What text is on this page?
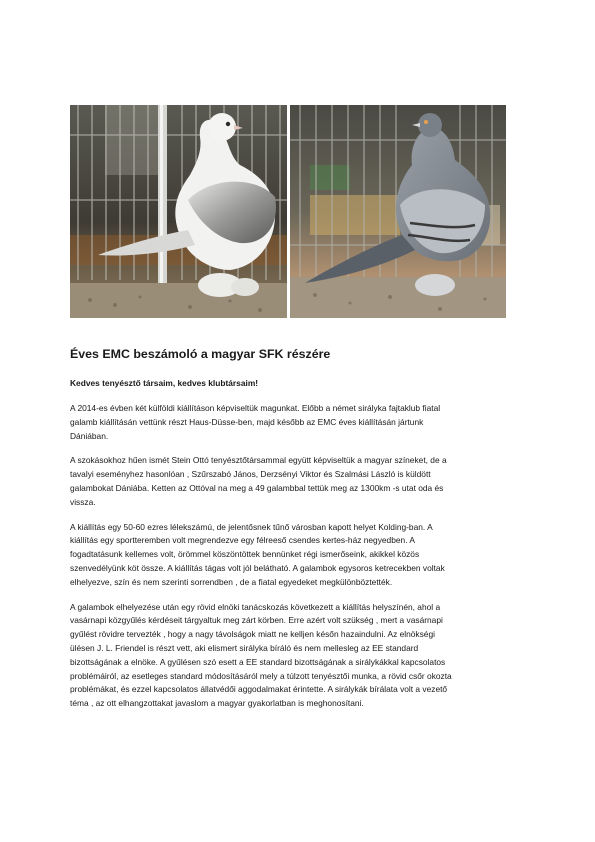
Éves EMC beszámoló a magyar SFK részére
Kedves tenyésztő társaim, kedves klubtársaim!

A 2014-es évben két külföldi kiállításon képviseltük magunkat. Előbb a német sirályka fajtaklub fiatal

galamb kiállításán vettünk részt Haus-Düsse-ben, majd később az EMC éves kiállításán jártunk

Dániában.

A szokásokhoz hűen ismét Stein Ottó tenyésztőtársammal együtt képviseltük a magyar színeket, de a

tavalyi eseményhez hasonlóan , Szűrszabó János, Derzsényi Viktor és Szalmási László is küldött

galambokat Dániába. Ketten az Ottóval na meg a 49 galambbal tettük meg az 1300km -s utat oda és

vissza.

A kiállítás egy 50-60 ezres lélekszámú, de jelentősnek tűnő városban kapott helyet Kolding-ban. A

kiállítás egy sportteremben volt megrendezve egy félreeső csendes kertes-ház negyedben. A

fogadtatásunk kellemes volt, örömmel köszöntöttek bennünket régi ismerőseink, akikkel közös

szenvedélyünk köt össze. A kiállítás tágas volt jól belátható. A galambok egysoros ketrecekben voltak

elhelyezve, szín és nem szerinti sorrendben , de a fiatal egyedeket megkülönböztették.

A galambok elhelyezése után egy rövid elnöki tanácskozás következett a kiállítás helyszínén, ahol a

vasárnapi közgyűlés kérdéseit tárgyaltuk meg zárt körben. Erre azért volt szükség , mert a vasárnapi

gyűlést rövidre tervezték , hogy a nagy távolságok miatt ne kelljen későn hazaindulni. Az elnökségi

ülésen J. L. Friendel is részt vett, aki elismert sirályka bíráló és nem mellesleg az EE standard

bizottságának a elnöke. A gyűlésen szó esett a EE standard bizottságának a sirálykákkal kapcsolatos

problémáiról, az esetleges standard módosításáról mely a túlzott tenyésztői munka, a rövid csőr okozta

problémákat, és ezzel kapcsolatos állatvédői aggodalmakat érintette. A sirálykák bírálata volt a vezető

téma , az ott elhangzottakat javaslom a magyar gyakorlatban is meghonosítani.
